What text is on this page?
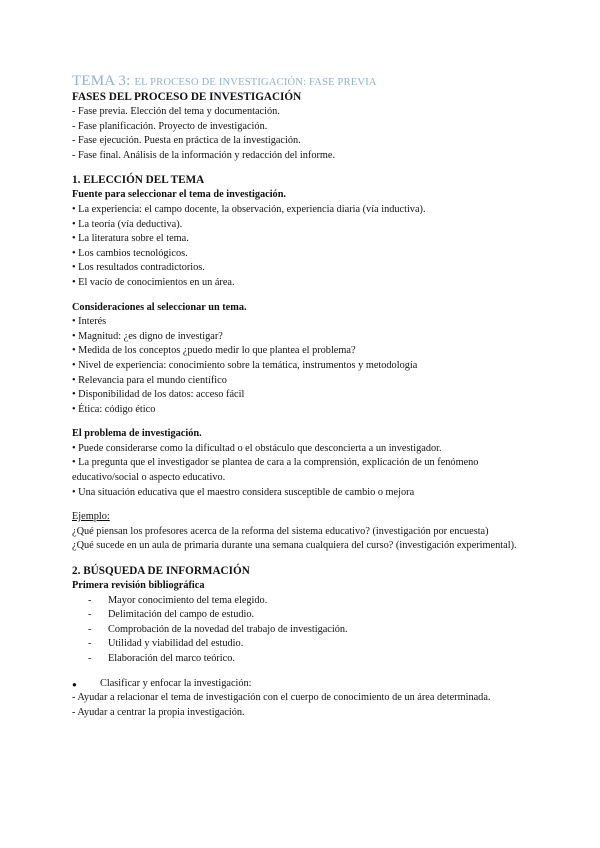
TEMA 3: EL PROCESO DE INVESTIGACIÓN: FASE PREVIA
FASES DEL PROCESO DE INVESTIGACIÓN
- Fase previa. Elección del tema y documentación.
- Fase planificación. Proyecto de investigación.
- Fase ejecución. Puesta en práctica de la investigación.
- Fase final. Análisis de la información y redacción del informe.
1. ELECCIÓN DEL TEMA
Fuente para seleccionar el tema de investigación.
• La experiencia: el campo docente, la observación, experiencia diaria (vía inductiva).
• La teoría (vía deductiva).
• La literatura sobre el tema.
• Los cambios tecnológicos.
• Los resultados contradictorios.
• El vacío de conocimientos en un área.
Consideraciones al seleccionar un tema.
• Interés
• Magnitud: ¿es digno de investigar?
• Medida de los conceptos ¿puedo medir lo que plantea el problema?
• Nivel de experiencia: conocimiento sobre la temática, instrumentos y metodología
• Relevancia para el mundo científico
• Disponibilidad de los datos: acceso fácil
• Ética: código ético
El problema de investigación.
• Puede considerarse como la dificultad o el obstáculo que desconcierta a un investigador.
• La pregunta que el investigador se plantea de cara a la comprensión, explicación de un fenómeno
educativo/social o aspecto educativo.
• Una situación educativa que el maestro considera susceptible de cambio o mejora
Ejemplo:
¿Qué piensan los profesores acerca de la reforma del sistema educativo? (investigación por encuesta)
¿Qué sucede en un aula de primaria durante una semana cualquiera del curso? (investigación experimental).
2. BÚSQUEDA DE INFORMACIÓN
Primera revisión bibliográfica
- Mayor conocimiento del tema elegido.
- Delimitación del campo de estudio.
- Comprobación de la novedad del trabajo de investigación.
- Utilidad y viabilidad del estudio.
- Elaboración del marco teórico.
● Clasificar y enfocar la investigación:
- Ayudar a relacionar el tema de investigación con el cuerpo de conocimiento de un área determinada.
- Ayudar a centrar la propia investigación.
